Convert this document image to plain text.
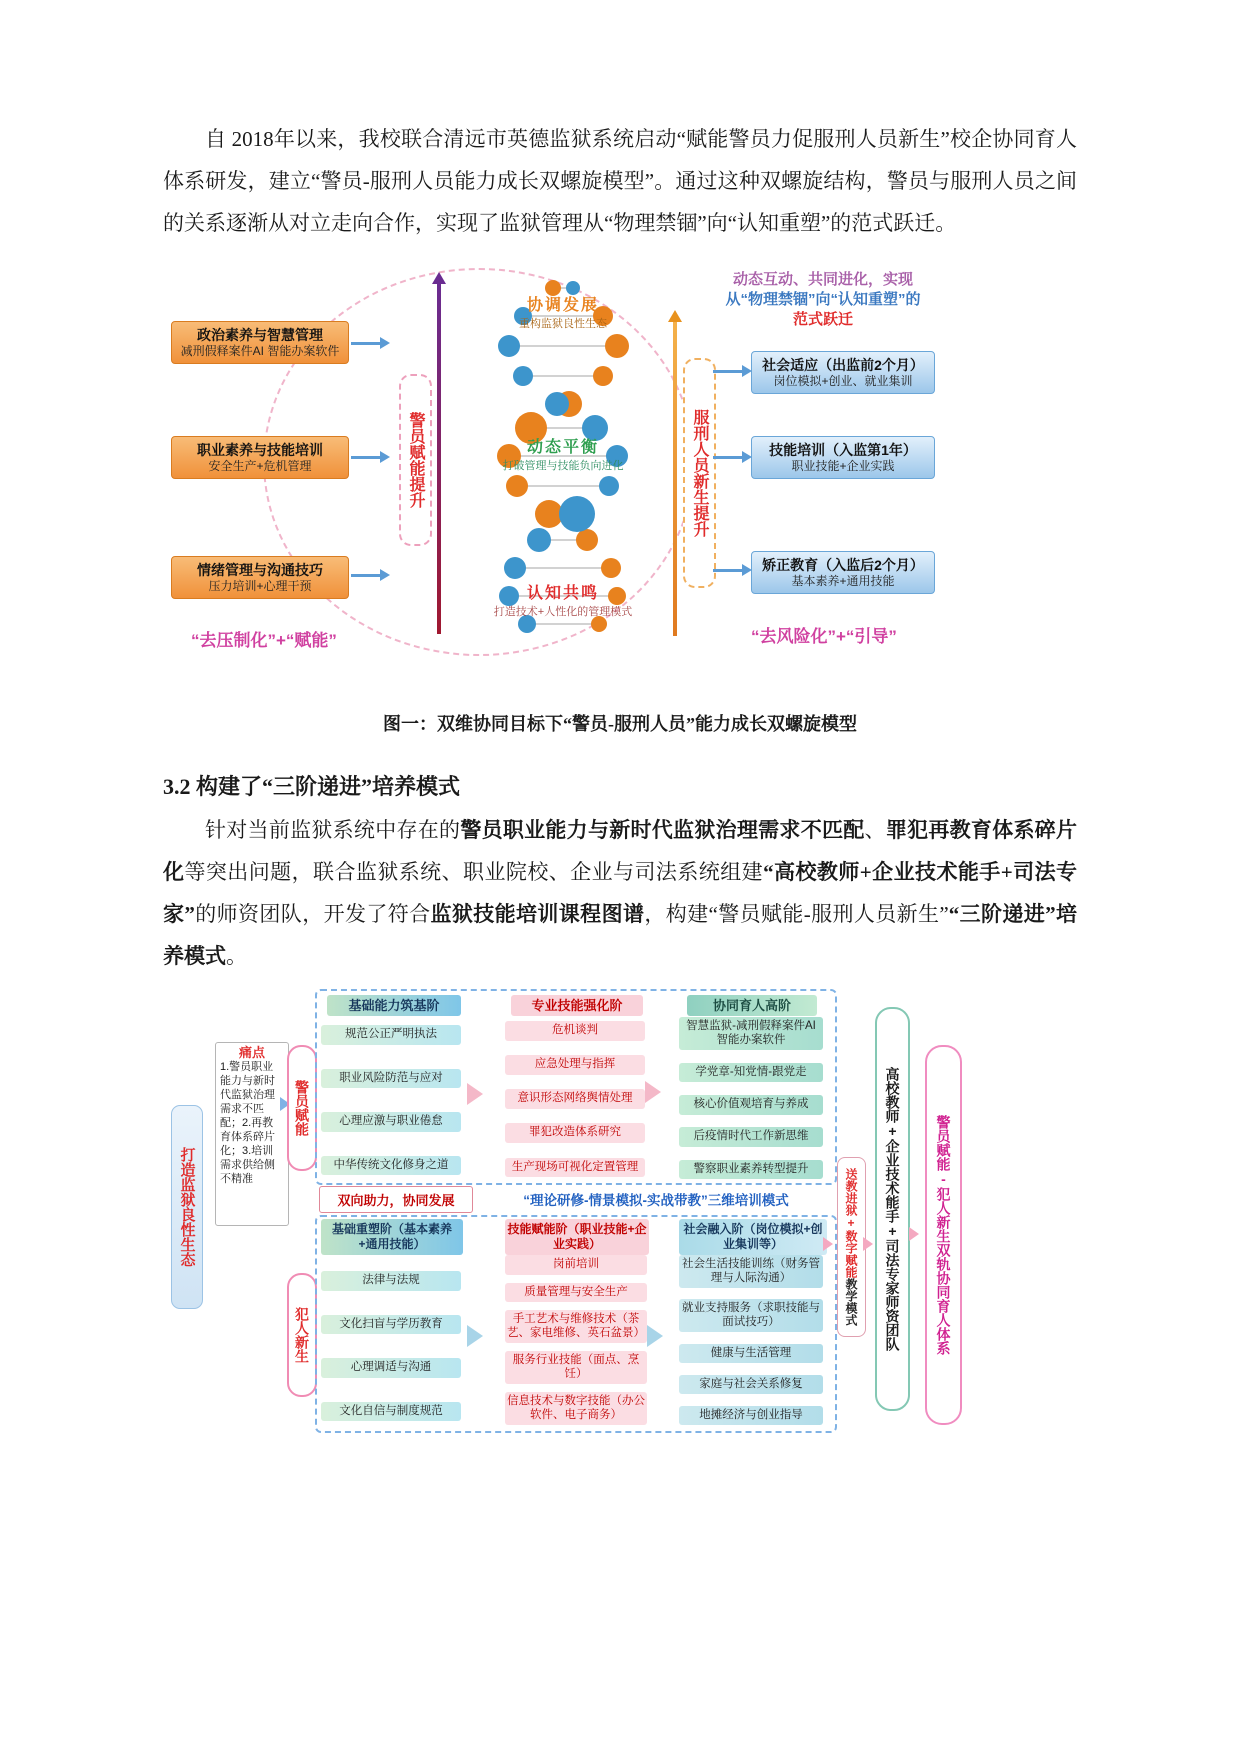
自 2018年以来，我校联合清远市英德监狱系统启动“赋能警员力促服刑人员新生”校企协同育人体系研发，建立“警员-服刑人员能力成长双螺旋模型”。通过这种双螺旋结构，警员与服刑人员之间的关系逐渐从对立走向合作，实现了监狱管理从“物理禁锢”向“认知重塑”的范式跃迁。

警员赋能提升	服刑人员新生提升
协调发展
重构监狱良性生态
动态平衡
打破管理与技能负向进化
认知共鸣
打造技术+人性化的管理模式
政治素养与智慧管理
减刑假释案件AI 智能办案软件
职业素养与技能培训
安全生产+危机管理
情绪管理与沟通技巧
压力培训+心理干预
社会适应（出监前2个月）
岗位模拟+创业、就业集训
技能培训（入监第1年）
职业技能+企业实践
矫正教育（入监后2个月）
基本素养+通用技能
动态互动、共同进化，实现
从“物理禁锢”向“认知重塑”的
范式跃迁
“去压制化”+“赋能”	“去风险化”+“引导”
图一：双维协同目标下“警员-服刑人员”能力成长双螺旋模型
3.2 构建了“三阶递进”培养模式

针对当前监狱系统中存在的警员职业能力与新时代监狱治理需求不匹配、罪犯再教育体系碎片化等突出问题，联合监狱系统、职业院校、企业与司法系统组建“高校教师+企业技术能手+司法专家”的师资团队，开发了符合监狱技能培训课程图谱，构建“警员赋能-服刑人员新生”“三阶递进”培养模式。

打造监狱良性生态
痛点
1.警员职业能力与新时代监狱治理需求不匹配；2.再教育体系碎片化；3.培训需求供给侧不精准
警员赋能
犯人新生
基础能力筑基阶	专业技能强化阶	协同育人高阶
规范公正严明执法
职业风险防范与应对
心理应激与职业倦怠
中华传统文化修身之道
危机谈判
应急处理与指挥
意识形态网络舆情处理
罪犯改造体系研究
生产现场可视化定置管理
智慧监狱-减刑假释案件AI 智能办案软件
学党章-知党情-跟党走
核心价值观培育与养成
后疫情时代工作新思维
警察职业素养转型提升
双向助力，协同发展	“理论研修-情景模拟-实战带教”三维培训模式
基础重塑阶（基本素养+通用技能）
技能赋能阶（职业技能+企业实践）
社会融入阶（岗位模拟+创业集训等）
法律与法规
文化扫盲与学历教育
心理调适与沟通
文化自信与制度规范
岗前培训
质量管理与安全生产
手工艺术与维修技术（茶艺、家电维修、英石盆景）
服务行业技能（面点、烹饪）
信息技术与数字技能（办公软件、电子商务）
社会生活技能训练（财务管理与人际沟通）
就业支持服务（求职技能与面试技巧）
健康与生活管理
家庭与社会关系修复
地摊经济与创业指导
送教进狱+数字赋能教学模式
高校教师+企业技术能手+司法专家师资团队	警员赋能-犯人新生双轨协同育人体系
